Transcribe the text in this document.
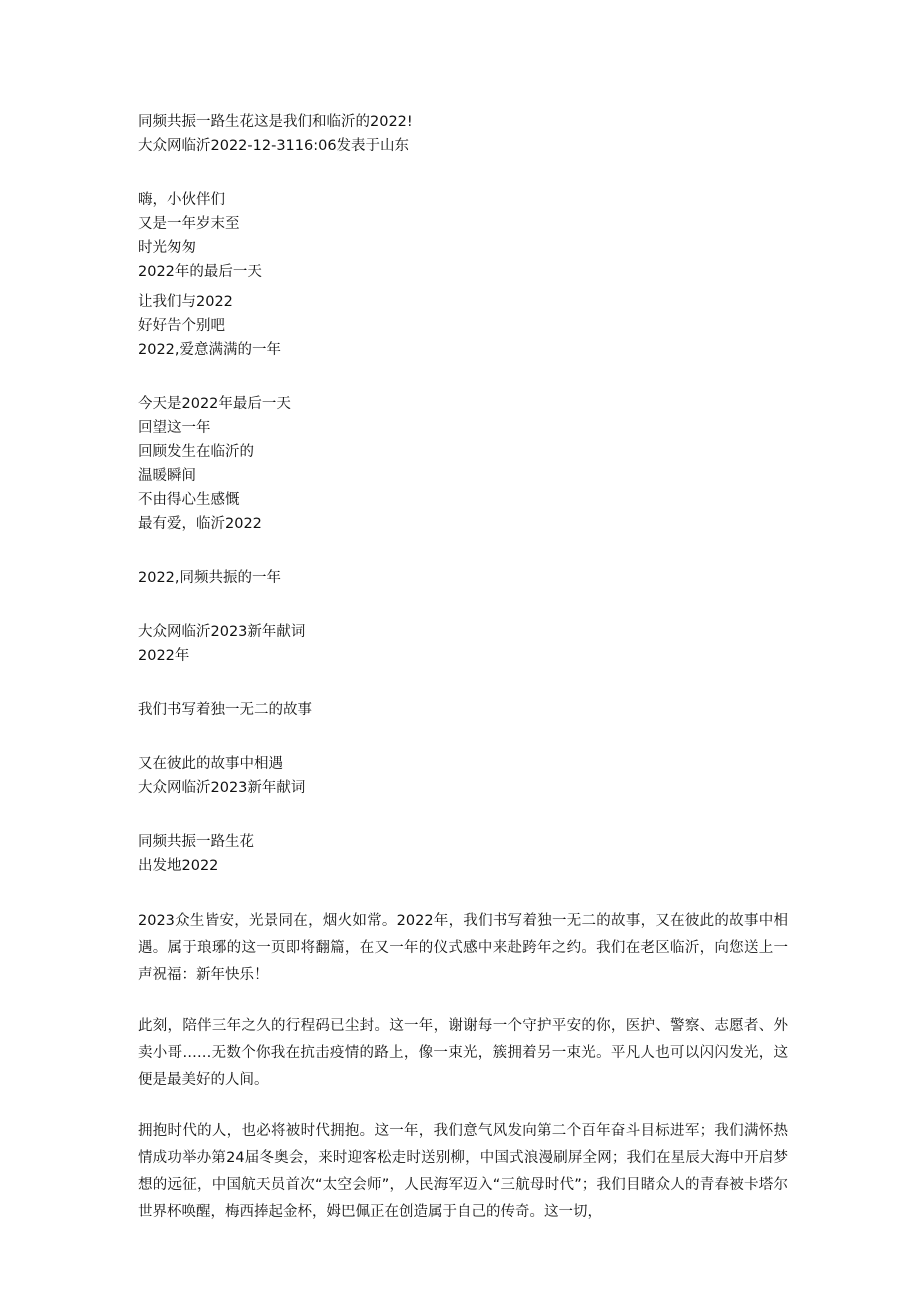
同频共振一路生花这是我们和临沂的2022!
大众网临沂2022-12-3116:06发表于山东
嗨，小伙伴们
又是一年岁末至
时光匆匆
2022年的最后一天
让我们与2022
好好告个别吧
2022,爱意满满的一年
今天是2022年最后一天
回望这一年
回顾发生在临沂的
温暖瞬间
不由得心生感慨
最有爱，临沂2022
2022,同频共振的一年
大众网临沂2023新年献词
2022年
我们书写着独一无二的故事
又在彼此的故事中相遇
大众网临沂2023新年献词
同频共振一路生花
出发地2022
2023众生皆安，光景同在，烟火如常。2022年，我们书写着独一无二的故事，又在彼此的故事中相遇。属于琅琊的这一页即将翻篇，在又一年的仪式感中来赴跨年之约。我们在老区临沂，向您送上一声祝福：新年快乐！
此刻，陪伴三年之久的行程码已尘封。这一年，谢谢每一个守护平安的你，医护、警察、志愿者、外卖小哥……无数个你我在抗击疫情的路上，像一束光，簇拥着另一束光。平凡人也可以闪闪发光，这便是最美好的人间。
拥抱时代的人，也必将被时代拥抱。这一年，我们意气风发向第二个百年奋斗目标进军；我们满怀热情成功举办第24届冬奥会，来时迎客松走时送别柳，中国式浪漫刷屏全网；我们在星辰大海中开启梦想的远征，中国航天员首次“太空会师”，人民海军迈入“三航母时代”；我们目睹众人的青春被卡塔尔世界杯唤醒，梅西捧起金杯，姆巴佩正在创造属于自己的传奇。这一切，
